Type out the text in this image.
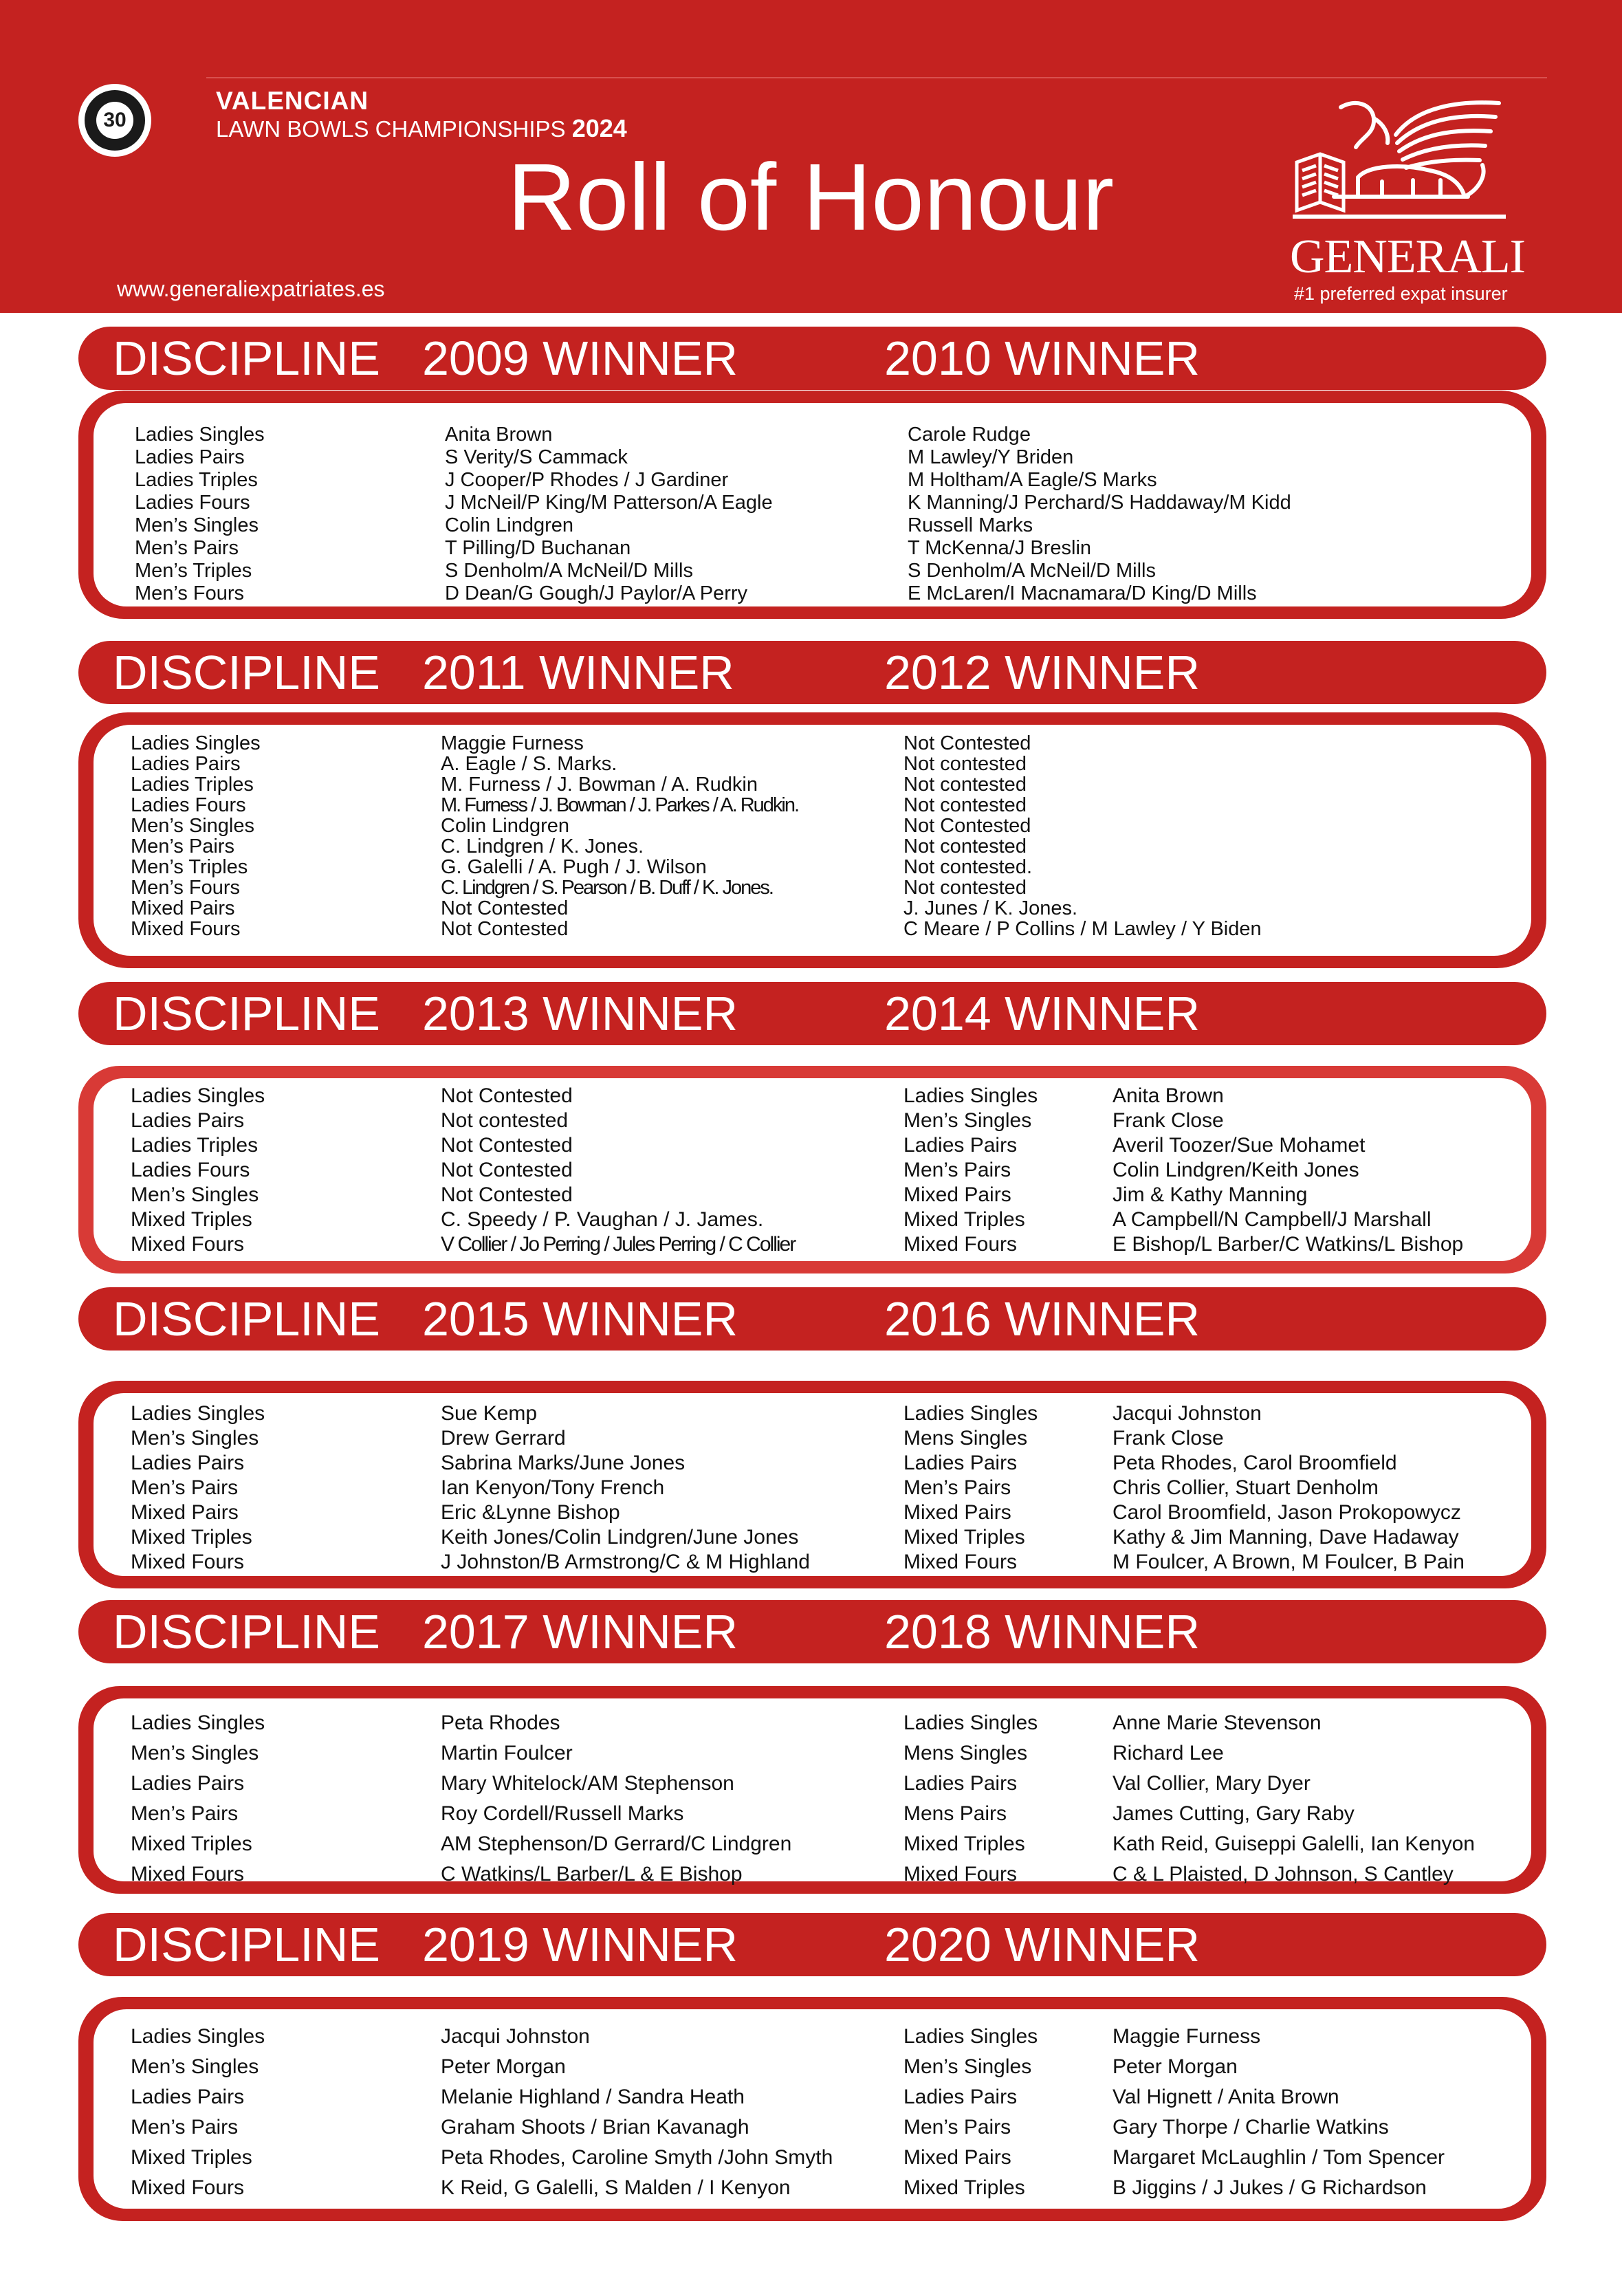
30
VALENCIAN
LAWN BOWLS CHAMPIONSHIPS 2024
Roll of Honour
www.generaliexpatriates.es
GENERALI
#1 preferred expat insurer
DISCIPLINE 2009 WINNER	2010 WINNER
Ladies Singles	Anita Brown	Carole Rudge
Ladies Pairs	S Verity/S Cammack	M Lawley/Y Briden
Ladies Triples	J Cooper/P Rhodes / J Gardiner	M Holtham/A Eagle/S Marks
Ladies Fours	J McNeil/P King/M Patterson/A Eagle	K Manning/J Perchard/S Haddaway/M Kidd
Men’s Singles	Colin Lindgren	Russell Marks
Men’s Pairs	T Pilling/D Buchanan	T McKenna/J Breslin
Men’s Triples	S Denholm/A McNeil/D Mills	S Denholm/A McNeil/D Mills
Men’s Fours	D Dean/G Gough/J Paylor/A Perry	E McLaren/I Macnamara/D King/D Mills
DISCIPLINE 2011 WINNER	2012 WINNER
Ladies Singles	Maggie Furness	Not Contested
Ladies Pairs	A. Eagle / S. Marks.	Not contested
Ladies Triples	M. Furness / J. Bowman / A. Rudkin	Not contested
Ladies Fours	M. Furness / J. Bowman / J. Parkes / A. Rudkin.	Not contested
Men’s Singles	Colin Lindgren	Not Contested
Men’s Pairs	C. Lindgren / K. Jones.	Not contested
Men’s Triples	G. Galelli / A. Pugh / J. Wilson	Not contested.
Men’s Fours	C. Lindgren / S. Pearson / B. Duff / K. Jones.	Not contested
Mixed Pairs	Not Contested	J. Junes / K. Jones.
Mixed Fours	Not Contested	C Meare / P Collins / M Lawley / Y Biden
DISCIPLINE 2013 WINNER	2014 WINNER
Ladies Singles	Not Contested	Ladies Singles	Anita Brown
Ladies Pairs	Not contested	Men’s Singles	Frank Close
Ladies Triples	Not Contested	Ladies Pairs	Averil Toozer/Sue Mohamet
Ladies Fours	Not Contested	Men’s Pairs	Colin Lindgren/Keith Jones
Men’s Singles	Not Contested	Mixed Pairs	Jim & Kathy Manning
Mixed Triples	C. Speedy / P. Vaughan / J. James.	Mixed Triples	A Campbell/N Campbell/J Marshall
Mixed Fours	V Collier / Jo Perring / Jules Perring / C Collier	Mixed Fours	E Bishop/L Barber/C Watkins/L Bishop
DISCIPLINE 2015 WINNER	2016 WINNER
Ladies Singles	Sue Kemp	Ladies Singles	Jacqui Johnston
Men’s Singles	Drew Gerrard	Mens Singles	Frank Close
Ladies Pairs	Sabrina Marks/June Jones	Ladies Pairs	Peta Rhodes, Carol Broomfield
Men’s Pairs	Ian Kenyon/Tony French	Men’s Pairs	Chris Collier, Stuart Denholm
Mixed Pairs	Eric &Lynne Bishop	Mixed Pairs	Carol Broomfield, Jason Prokopowycz
Mixed Triples	Keith Jones/Colin Lindgren/June Jones	Mixed Triples	Kathy & Jim Manning, Dave Hadaway
Mixed Fours	J Johnston/B Armstrong/C & M Highland	Mixed Fours	M Foulcer, A Brown, M Foulcer, B Pain
DISCIPLINE 2017 WINNER	2018 WINNER
Ladies Singles	Peta Rhodes	Ladies Singles	Anne Marie Stevenson
Men’s Singles	Martin Foulcer	Mens Singles	Richard Lee
Ladies Pairs	Mary Whitelock/AM Stephenson	Ladies Pairs	Val Collier, Mary Dyer
Men’s Pairs	Roy Cordell/Russell Marks	Mens Pairs	James Cutting, Gary Raby
Mixed Triples	AM Stephenson/D Gerrard/C Lindgren	Mixed Triples	Kath Reid, Guiseppi Galelli, Ian Kenyon
Mixed Fours	C Watkins/L Barber/L & E Bishop	Mixed Fours	C & L Plaisted, D Johnson, S Cantley
DISCIPLINE 2019 WINNER	2020 WINNER
Ladies Singles	Jacqui Johnston	Ladies Singles	Maggie Furness
Men’s Singles	Peter Morgan	Men’s Singles	Peter Morgan
Ladies Pairs	Melanie Highland / Sandra Heath	Ladies Pairs	Val Hignett / Anita Brown
Men’s Pairs	Graham Shoots / Brian Kavanagh	Men’s Pairs	Gary Thorpe / Charlie Watkins
Mixed Triples	Peta Rhodes, Caroline Smyth /John Smyth	Mixed Pairs	Margaret McLaughlin / Tom Spencer
Mixed Fours	K Reid, G Galelli, S Malden / I Kenyon	Mixed Triples	B Jiggins / J Jukes / G Richardson
